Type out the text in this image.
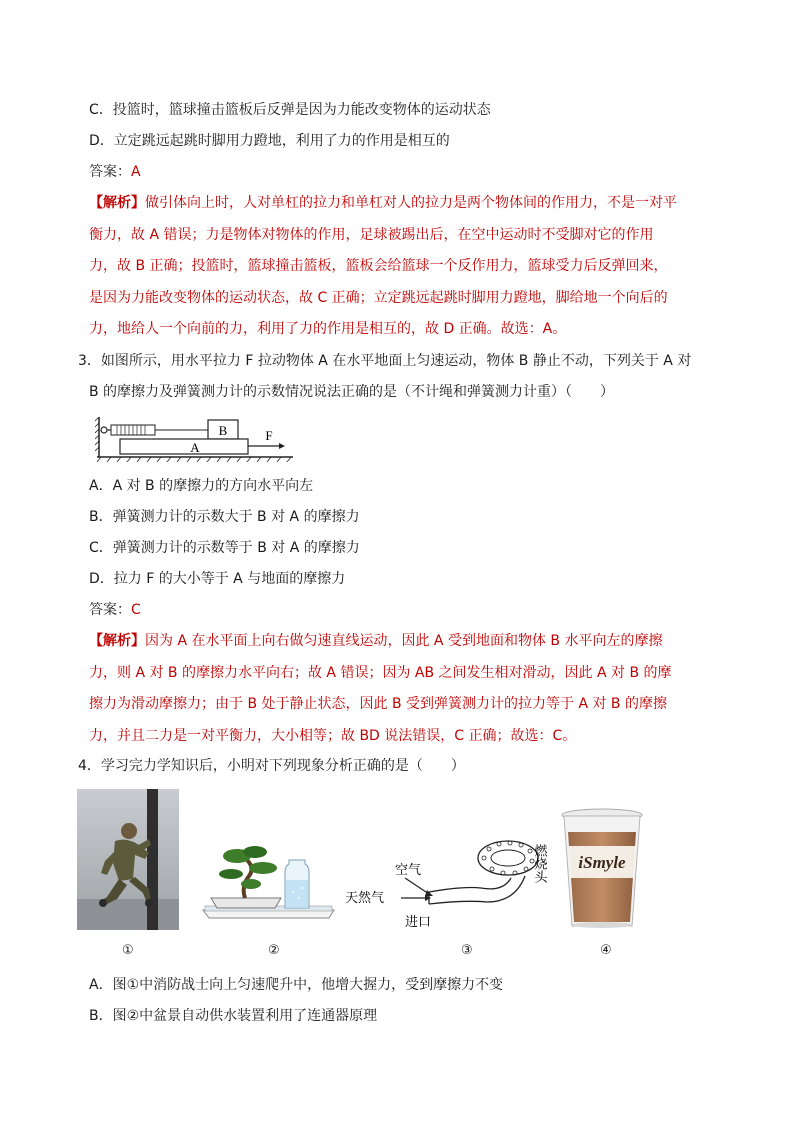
C．投篮时，篮球撞击篮板后反弹是因为力能改变物体的运动状态
D．立定跳远起跳时脚用力蹬地，利用了力的作用是相互的
答案：A
【解析】做引体向上时，人对单杠的拉力和单杠对人的拉力是两个物体间的作用力，不是一对平衡力，故 A 错误；力是物体对物体的作用，足球被踢出后，在空中运动时不受脚对它的作用力，故 B 正确；投篮时，篮球撞击篮板，篮板会给篮球一个反作用力，篮球受力后反弹回来，是因为力能改变物体的运动状态，故 C 正确；立定跳远起跳时脚用力蹬地，脚给地一个向后的力，地给人一个向前的力，利用了力的作用是相互的，故 D 正确。故选：A。
3．如图所示，用水平拉力 F 拉动物体 A 在水平地面上匀速运动，物体 B 静止不动，下列关于 A 对
B 的摩擦力及弹簧测力计的示数情况说法正确的是（不计绳和弹簧测力计重）（　　）
B
A
F
A．A 对 B 的摩擦力的方向水平向左
B．弹簧测力计的示数大于 B 对 A 的摩擦力
C．弹簧测力计的示数等于 B 对 A 的摩擦力
D．拉力 F 的大小等于 A 与地面的摩擦力
答案：C
【解析】因为 A 在水平面上向右做匀速直线运动，因此 A 受到地面和物体 B 水平向左的摩擦力，则 A 对 B 的摩擦力水平向右；故 A 错误；因为 AB 之间发生相对滑动，因此 A 对 B 的摩擦力为滑动摩擦力；由于 B 处于静止状态，因此 B 受到弹簧测力计的拉力等于 A 对 B 的摩擦力，并且二力是一对平衡力，大小相等；故 BD 说法错误，C 正确；故选：C。
4．学习完力学知识后，小明对下列现象分析正确的是（　　）
①	②
空气
天然气
进口
燃烧头
③
iSmyle
④
A．图①中消防战士向上匀速爬升中，他增大握力，受到摩擦力不变
B．图②中盆景自动供水装置利用了连通器原理
